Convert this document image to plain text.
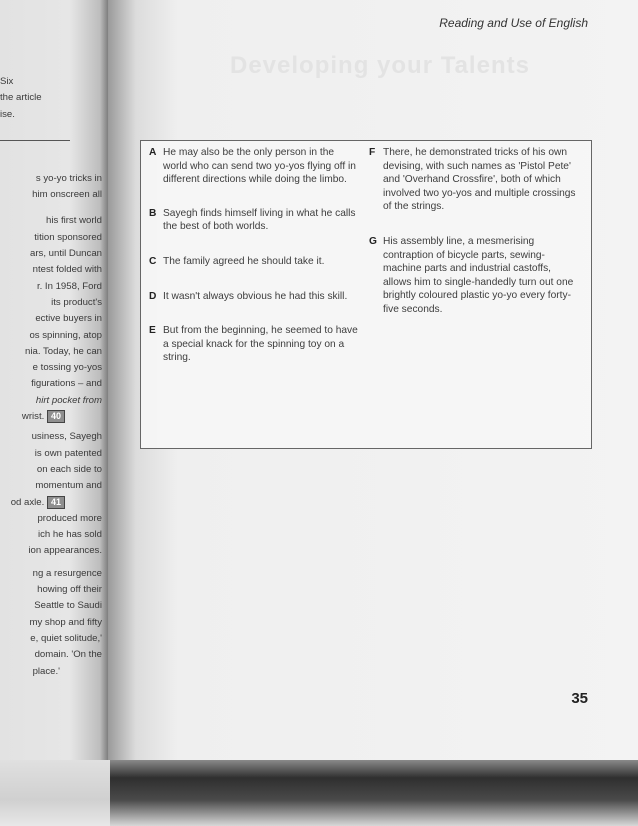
Developing your Talents
Reading and Use of English
35
Six
the article
ise.
s yo-yo tricks in
him onscreen all
his first world
tition sponsored
ars, until Duncan
ntest folded with
r. In 1958, Ford
its product's
ective buyers in
os spinning, atop
nia. Today, he can
e tossing yo-yos
figurations – and
hirt pocket from
wrist. 40
usiness, Sayegh
is own patented
on each side to
momentum and
od axle. 41
produced more
ich he has sold
ion appearances.
ng a resurgence
howing off their
Seattle to Saudi
my shop and fifty
e, quiet solitude,'
domain. 'On the
place.'
A He may also be the only person in the world who can send two yo-yos flying off in different directions while doing the limbo.
B Sayegh finds himself living in what he calls the best of both worlds.
C The family agreed he should take it.
D It wasn't always obvious he had this skill.
E But from the beginning, he seemed to have a special knack for the spinning toy on a string.
F There, he demonstrated tricks of his own devising, with such names as 'Pistol Pete' and 'Overhand Crossfire', both of which involved two yo-yos and multiple crossings of the strings.
G His assembly line, a mesmerising contraption of bicycle parts, sewing-machine parts and industrial castoffs, allows him to single-handedly turn out one brightly coloured plastic yo-yo every forty-five seconds.
